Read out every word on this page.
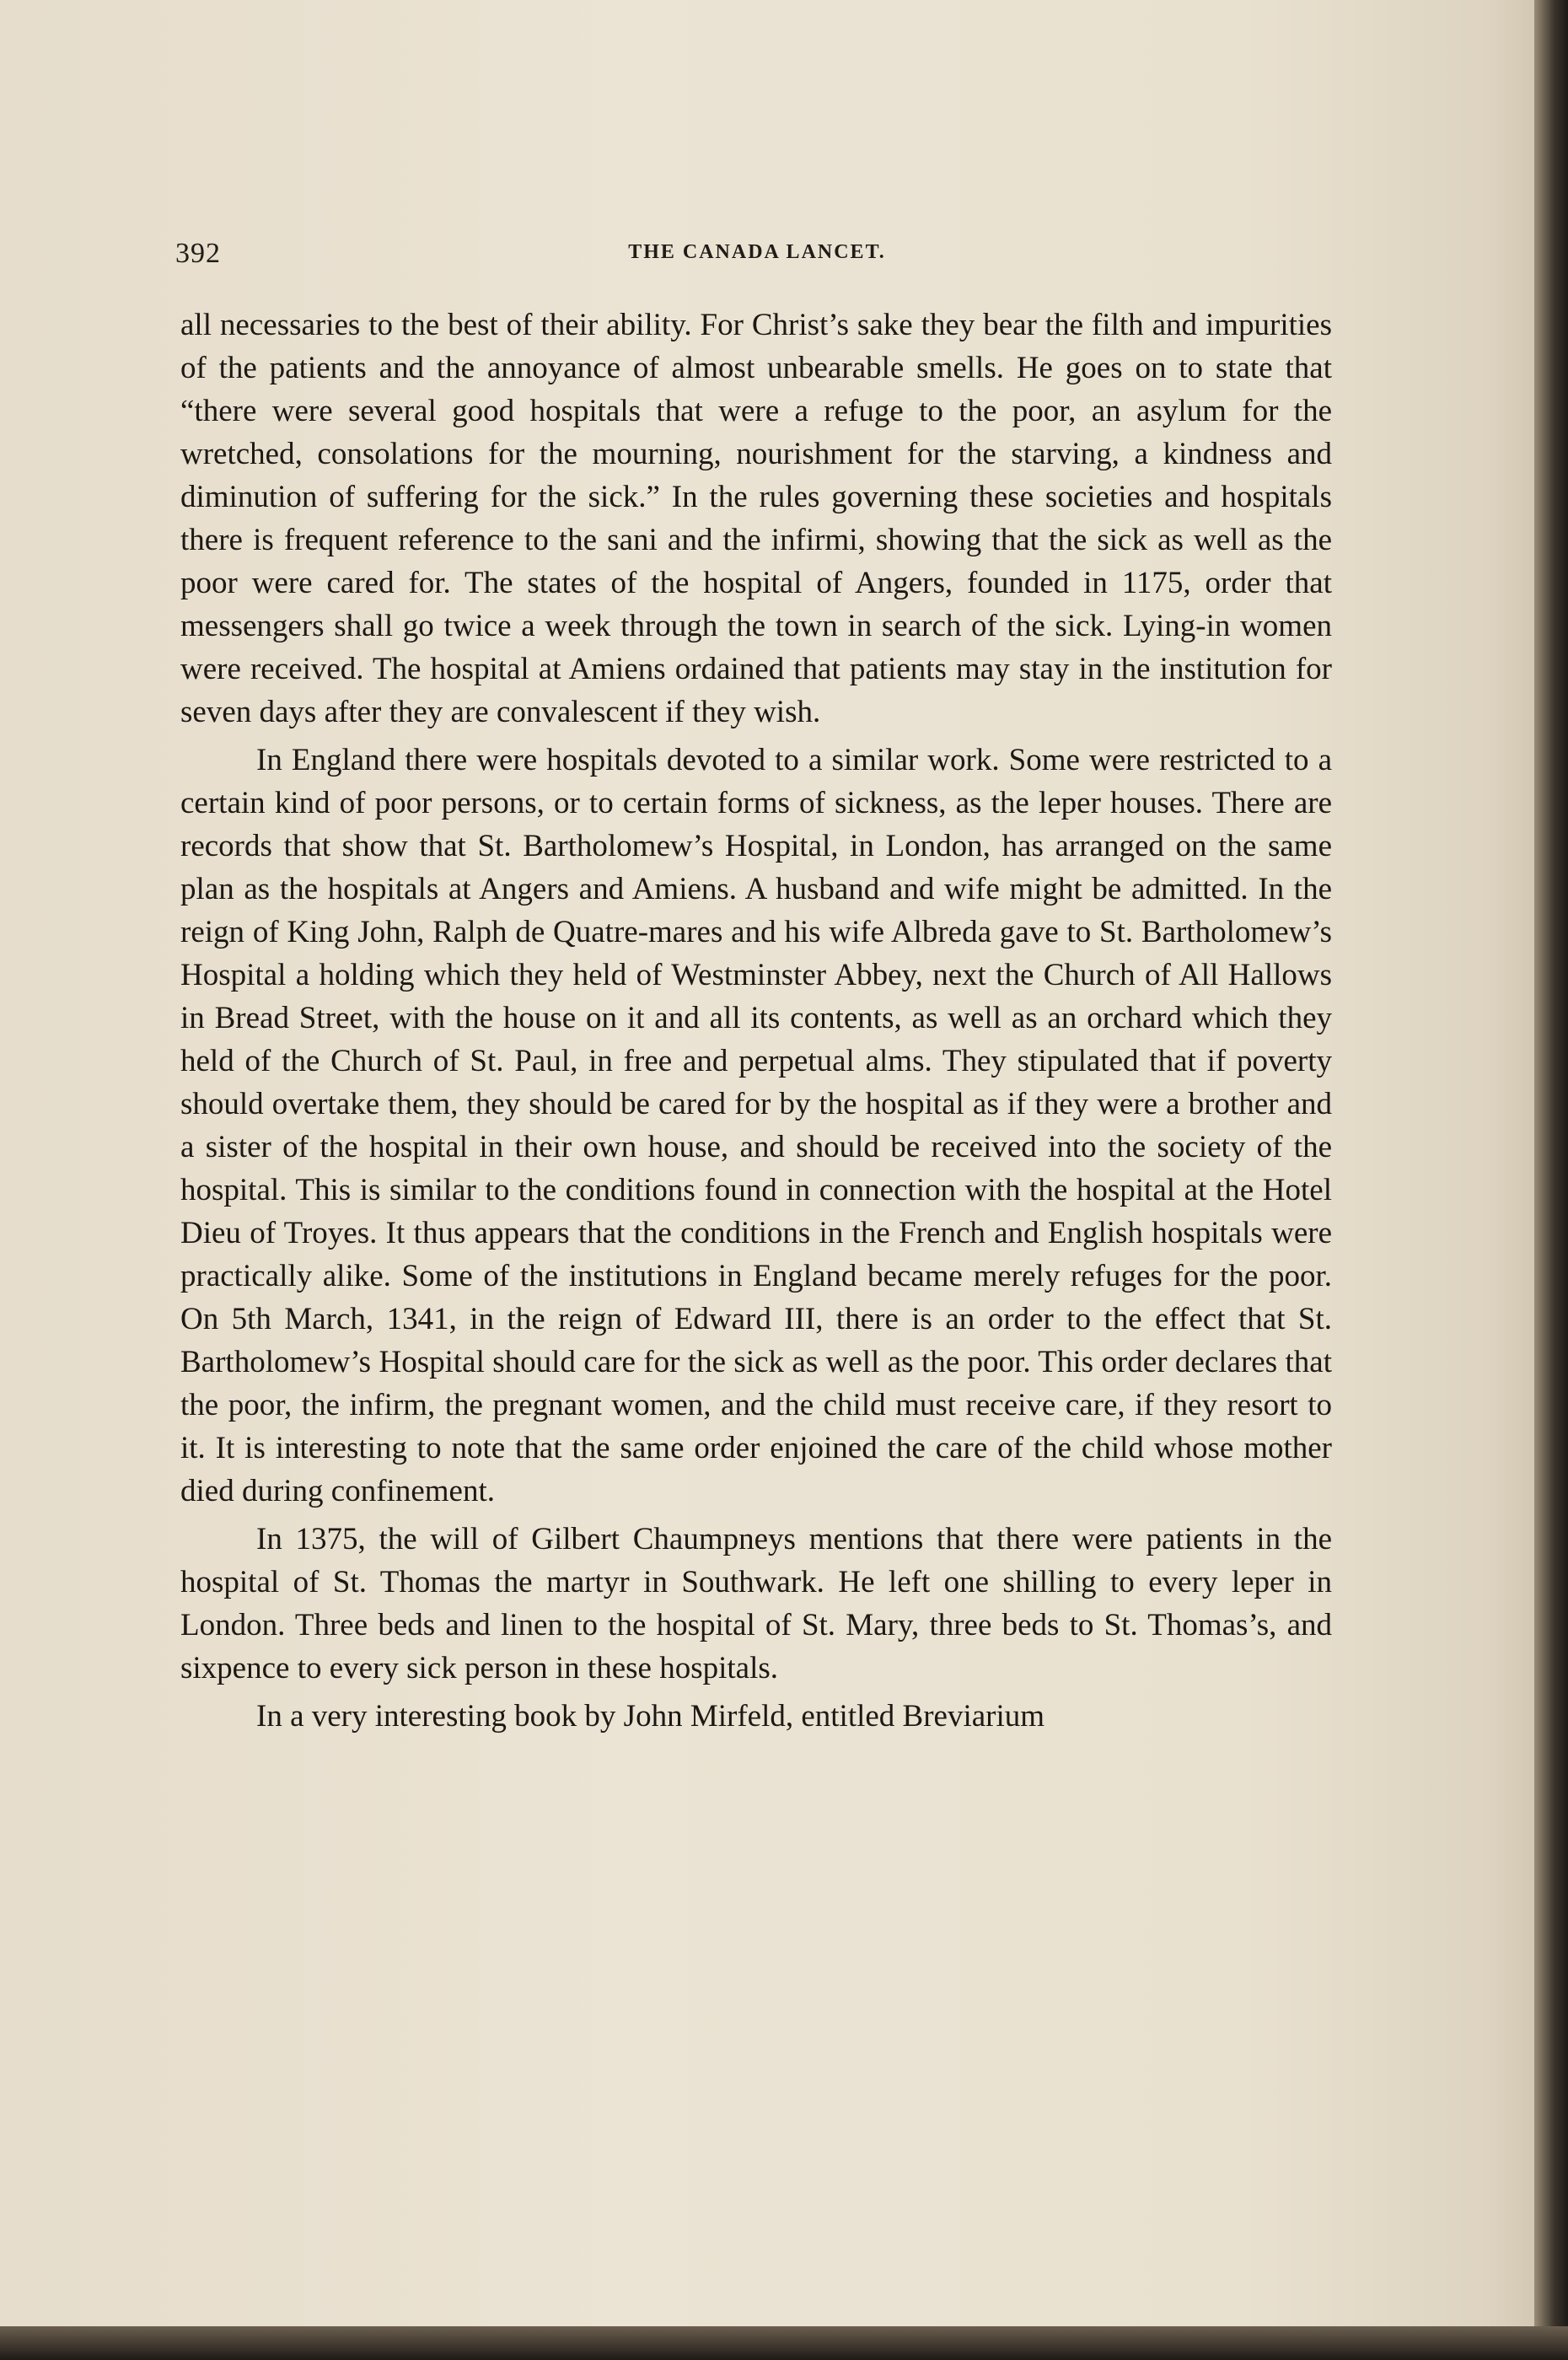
392	THE CANADA LANCET.

all necessaries to the best of their ability. For Christ’s sake they bear the filth and impurities of the patients and the annoyance of almost unbearable smells. He goes on to state that “there were several good hospitals that were a refuge to the poor, an asylum for the wretched, consolations for the mourning, nourishment for the starving, a kindness and diminution of suffering for the sick.” In the rules governing these societies and hospitals there is frequent reference to the sani and the infirmi, showing that the sick as well as the poor were cared for. The states of the hospital of Angers, founded in 1175, order that messengers shall go twice a week through the town in search of the sick. Lying-in women were received. The hospital at Amiens ordained that patients may stay in the institution for seven days after they are convalescent if they wish.

In England there were hospitals devoted to a similar work. Some were restricted to a certain kind of poor persons, or to certain forms of sickness, as the leper houses. There are records that show that St. Bartholomew’s Hospital, in London, has arranged on the same plan as the hospitals at Angers and Amiens. A husband and wife might be admitted. In the reign of King John, Ralph de Quatre-mares and his wife Albreda gave to St. Bartholomew’s Hospital a holding which they held of Westminster Abbey, next the Church of All Hallows in Bread Street, with the house on it and all its contents, as well as an orchard which they held of the Church of St. Paul, in free and perpetual alms. They stipulated that if poverty should overtake them, they should be cared for by the hospital as if they were a brother and a sister of the hospital in their own house, and should be received into the society of the hospital. This is similar to the conditions found in connection with the hospital at the Hotel Dieu of Troyes. It thus appears that the conditions in the French and English hospitals were practically alike. Some of the institutions in England became merely refuges for the poor. On 5th March, 1341, in the reign of Edward III, there is an order to the effect that St. Bartholomew’s Hospital should care for the sick as well as the poor. This order declares that the poor, the infirm, the pregnant women, and the child must receive care, if they resort to it. It is interesting to note that the same order enjoined the care of the child whose mother died during confinement.

In 1375, the will of Gilbert Chaumpneys mentions that there were patients in the hospital of St. Thomas the martyr in Southwark. He left one shilling to every leper in London. Three beds and linen to the hospital of St. Mary, three beds to St. Thomas’s, and sixpence to every sick person in these hospitals.

In a very interesting book by John Mirfeld, entitled Breviarium
